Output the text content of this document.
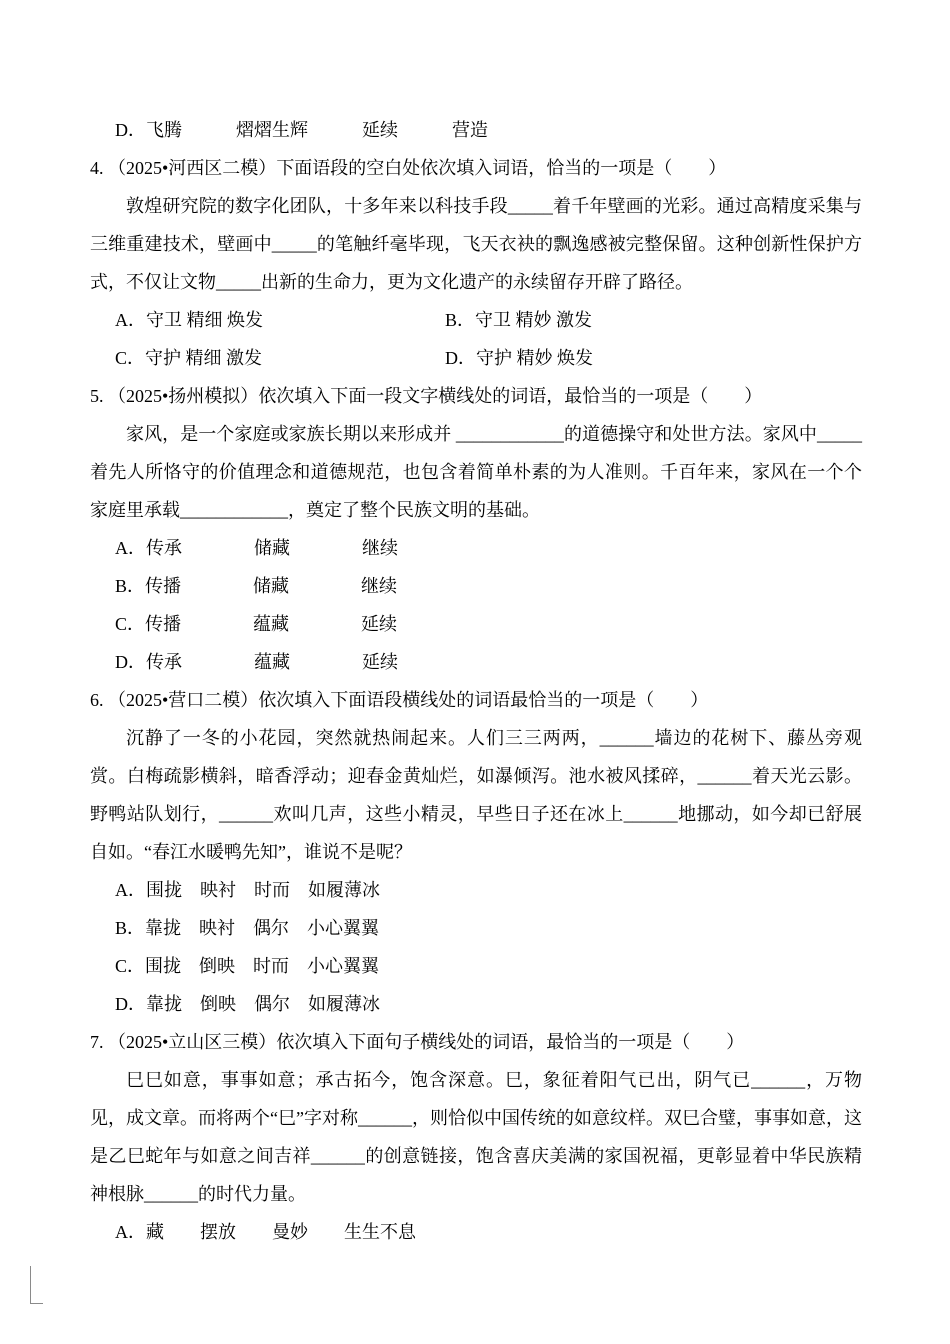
D．飞腾　　　熠熠生辉　　　延续　　　营造
4. （2025•河西区二模）下面语段的空白处依次填入词语，恰当的一项是（　　）
敦煌研究院的数字化团队，十多年来以科技手段_____着千年壁画的光彩。通过高精度采集与三维重建技术，壁画中_____的笔触纤毫毕现，飞天衣袂的飘逸感被完整保留。这种创新性保护方式，不仅让文物_____出新的生命力，更为文化遗产的永续留存开辟了路径。
A．守卫 精细 焕发	B．守卫 精妙 激发
C．守护 精细 激发	D．守护 精妙 焕发
5. （2025•扬州模拟）依次填入下面一段文字横线处的词语，最恰当的一项是（　　）
家风，是一个家庭或家族长期以来形成并 ____________的道德操守和处世方法。家风中_____着先人所恪守的价值理念和道德规范，也包含着简单朴素的为人准则。千百年来，家风在一个个家庭里承载____________，奠定了整个民族文明的基础。
A．传承　　　　储藏　　　　继续
B．传播　　　　储藏　　　　继续
C．传播　　　　蕴藏　　　　延续
D．传承　　　　蕴藏　　　　延续
6. （2025•营口二模）依次填入下面语段横线处的词语最恰当的一项是（　　）
沉静了一冬的小花园，突然就热闹起来。人们三三两两，______墙边的花树下、藤丛旁观赏。白梅疏影横斜，暗香浮动；迎春金黄灿烂，如瀑倾泻。池水被风揉碎，______着天光云影。野鸭站队划行，______欢叫几声，这些小精灵，早些日子还在冰上______地挪动，如今却已舒展自如。“春江水暖鸭先知”，谁说不是呢？
A．围拢　映衬　时而　如履薄冰
B．靠拢　映衬　偶尔　小心翼翼
C．围拢　倒映　时而　小心翼翼
D．靠拢　倒映　偶尔　如履薄冰
7. （2025•立山区三模）依次填入下面句子横线处的词语，最恰当的一项是（　　）
巳巳如意，事事如意；承古拓今，饱含深意。巳，象征着阳气已出，阴气已______，万物见，成文章。而将两个“巳”字对称______，则恰似中国传统的如意纹样。双巳合璧，事事如意，这是乙巳蛇年与如意之间吉祥______的创意链接，饱含喜庆美满的家国祝福，更彰显着中华民族精神根脉______的时代力量。
A．藏　　摆放　　曼妙　　生生不息
